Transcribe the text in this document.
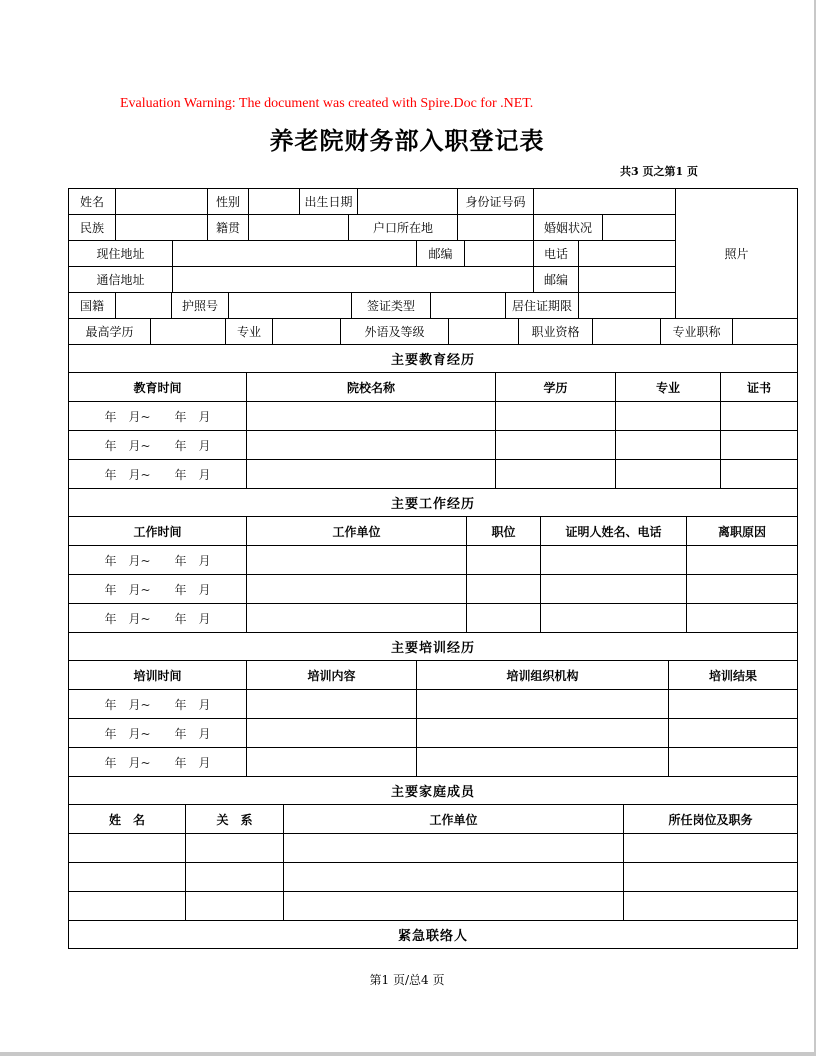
Evaluation Warning: The document was created with Spire.Doc for .NET.
养老院财务部入职登记表
共3 页之第1 页
姓名	性别	出生日期	身份证号码
民族	籍贯	户口所在地	婚姻状况
现住地址	邮编	电话
通信地址	邮编
国籍	护照号	签证类型	居住证期限
照片
最高学历	专业	外语及等级	职业资格	专业职称
主要教育经历
教育时间	院校名称	学历	专业	证书
年　月~　　年　月
年　月~　　年　月
年　月~　　年　月
主要工作经历
工作时间	工作单位	职位	证明人姓名、电话	离职原因
年　月~　　年　月
年　月~　　年　月
年　月~　　年　月
主要培训经历
培训时间	培训内容	培训组织机构	培训结果
年　月~　　年　月
年　月~　　年　月
年　月~　　年　月
主要家庭成员
姓　名	关　系	工作单位	所任岗位及职务
紧急联络人
第1 页/总4 页
